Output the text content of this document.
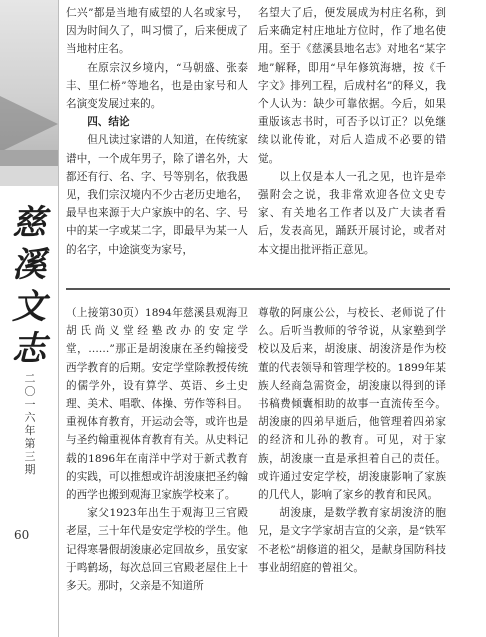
慈
溪
文
志
二
〇
一
六
年
第
三
期
60

仁兴”都是当地有威望的人名或家号，因为时间久了，叫习惯了，后来便成了当地村庄名。

在原宗汉乡境内，“马朝盛、张泰丰、里仁桥”等地名，也是由家号和人名演变发展过来的。

四、结论

但凡读过家谱的人知道，在传统家谱中，一个成年男子，除了谱名外，大都还有行、名、字、号等别名，依我愚见，我们宗汉境内不少古老历史地名，最早也来源于大户家族中的名、字、号中的某一字或某二字，即最早为某一人的名字，中途演变为家号，

名望大了后，便发展成为村庄名称，到后来确定村庄地址方位时，作了地名使用。至于《慈溪县地名志》对地名“某字地”解释，即用“早年修筑海塘，按《千字文》排列工程，后成村名”的释义，我个人认为：缺少可靠依据。今后，如果重版该志书时，可否予以订正？以免继续以讹传讹，对后人造成不必要的错觉。

以上仅是本人一孔之见，也许是牵强附会之说，我非常欢迎各位文史专家、有关地名工作者以及广大读者看后，发表高见，踊跃开展讨论，或者对本文提出批评指正意见。

（上接第30页）1894年慈溪县观海卫胡氏尚义堂经塾改办的安定学堂，……”那正是胡浚康在圣约翰接受西学教育的后期。安定学堂除教授传统的儒学外，设有算学、英语、乡土史理、美术、唱歌、体操、劳作等科目。重视体育教育，开运动会等，或许也是与圣约翰重视体育教育有关。从史料记载的1896年在南洋中学对于新式教育的实践，可以推想或许胡浚康把圣约翰的西学也搬到观海卫家族学校来了。

家父1923年出生于观海卫三官殿老屋，三十年代是安定学校的学生。他记得寒暑假胡浚康必定回故乡，虽安家于鸣鹤场，每次总回三官殿老屋住上十多天。那时，父亲是不知道所

尊敬的阿康公公，与校长、老师说了什么。后听当教师的爷爷说，从家塾到学校以及后来，胡浚康、胡浚济是作为校董的代表领导和管理学校的。1899年某族人经商急需资金，胡浚康以得到的译书稿费倾囊相助的故事一直流传至今。胡浚康的四弟早逝后，他管理着四弟家的经济和儿孙的教育。可见，对于家族，胡浚康一直是承担着自己的责任。或许通过安定学校，胡浚康影响了家族的几代人，影响了家乡的教育和民风。

胡浚康，是数学教育家胡浚济的胞兄，是文字学家胡吉宣的父亲，是“铁军不老松”胡修道的祖父，是献身国防科技事业胡绍庭的曾祖父。
